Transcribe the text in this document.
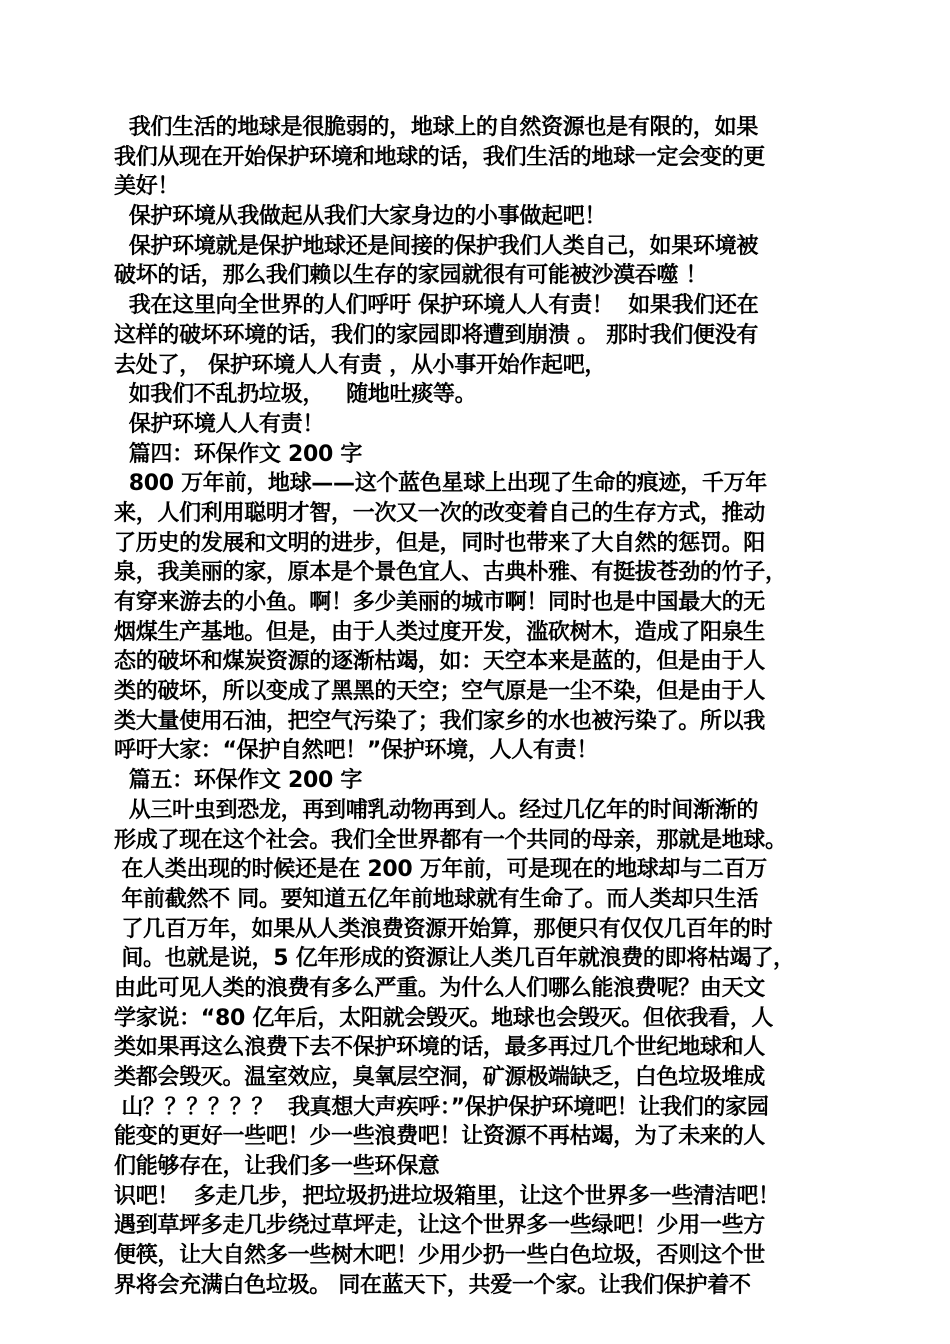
我们生活的地球是很脆弱的，地球上的自然资源也是有限的，如果
我们从现在开始保护环境和地球的话，我们生活的地球一定会变的更
美好！
保护环境从我做起从我们大家身边的小事做起吧！
保护环境就是保护地球还是间接的保护我们人类自己，如果环境被
破坏的话，那么我们赖以生存的家园就很有可能被沙漠吞噬 ！
我在这里向全世界的人们呼吁 保护环境人人有责！  如果我们还在
这样的破坏环境的话，我们的家园即将遭到崩溃 。 那时我们便没有
去处了， 保护环境人人有责 ，从小事开始作起吧，
如我们不乱扔垃圾，   随地吐痰等。
保护环境人人有责！
篇四：环保作文 200 字
800 万年前，地球——这个蓝色星球上出现了生命的痕迹，千万年
来，人们利用聪明才智，一次又一次的改变着自己的生存方式，推动
了历史的发展和文明的进步，但是，同时也带来了大自然的惩罚。阳
泉，我美丽的家，原本是个景色宜人、古典朴雅、有挺拔苍劲的竹子，
有穿来游去的小鱼。啊！多少美丽的城市啊！同时也是中国最大的无
烟煤生产基地。但是，由于人类过度开发，滥砍树木，造成了阳泉生
态的破坏和煤炭资源的逐渐枯竭，如：天空本来是蓝的，但是由于人
类的破坏，所以变成了黑黑的天空；空气原是一尘不染，但是由于人
类大量使用石油，把空气污染了；我们家乡的水也被污染了。所以我
呼吁大家：“保护自然吧！”保护环境，人人有责！
篇五：环保作文 200 字
从三叶虫到恐龙，再到哺乳动物再到人。经过几亿年的时间渐渐的
形成了现在这个社会。我们全世界都有一个共同的母亲，那就是地球。
在人类出现的时候还是在 200 万年前，可是现在的地球却与二百万
年前截然不 同。要知道五亿年前地球就有生命了。而人类却只生活
了几百万年，如果从人类浪费资源开始算，那便只有仅仅几百年的时
间。也就是说，5 亿年形成的资源让人类几百年就浪费的即将枯竭了，
由此可见人类的浪费有多么严重。为什么人们哪么能浪费呢？由天文
学家说：“80 亿年后，太阳就会毁灭。地球也会毁灭。但依我看，人
类如果再这么浪费下去不保护环境的话，最多再过几个世纪地球和人
类都会毁灭。温室效应，臭氧层空洞，矿源极端缺乏，白色垃圾堆成
山？？？？？？  我真想大声疾呼：”保护保护环境吧！让我们的家园
能变的更好一些吧！少一些浪费吧！让资源不再枯竭，为了未来的人
们能够存在，让我们多一些环保意
识吧！  多走几步，把垃圾扔进垃圾箱里，让这个世界多一些清洁吧！
遇到草坪多走几步绕过草坪走，让这个世界多一些绿吧！少用一些方
便筷，让大自然多一些树木吧！少用少扔一些白色垃圾，否则这个世
界将会充满白色垃圾。 同在蓝天下，共爱一个家。让我们保护着不
